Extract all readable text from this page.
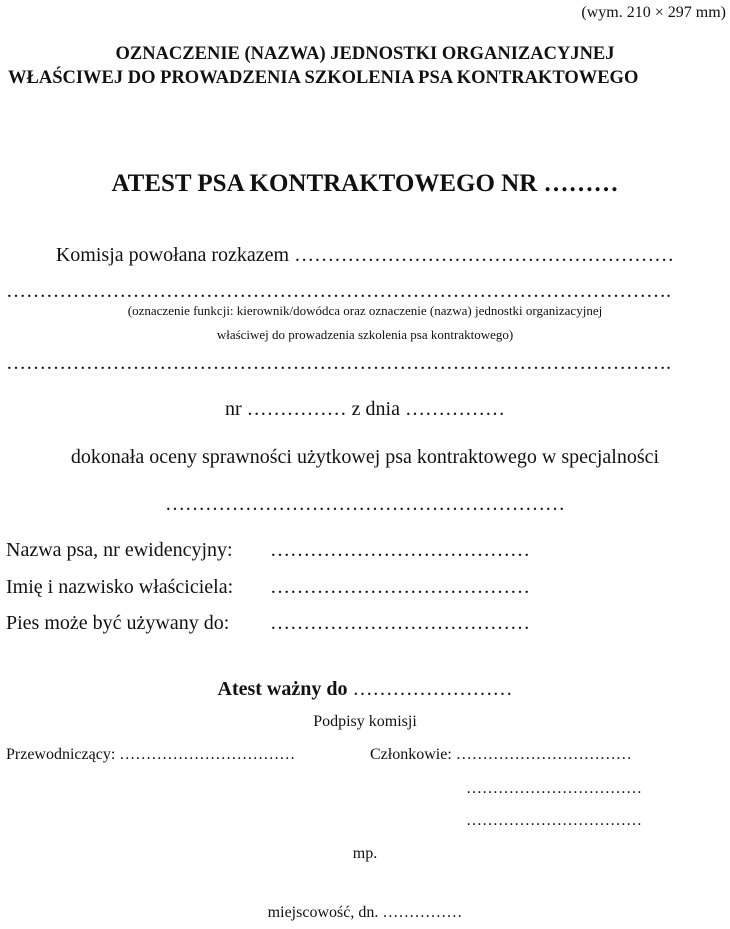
(wym. 210 × 297 mm)
OZNACZENIE (NAZWA) JEDNOSTKI ORGANIZACYJNEJ
WŁAŚCIWEJ DO PROWADZENIA SZKOLENIA PSA KONTRAKTOWEGO
ATEST PSA KONTRAKTOWEGO NR ………
Komisja powołana rozkazem …………………………………………………
……………………………………………………………………………………….
(oznaczenie funkcji: kierownik/dowódca oraz oznaczenie (nazwa) jednostki organizacyjnej
właściwej do prowadzenia szkolenia psa kontraktowego)
……………………………………………………………………………………….
nr …………… z dnia ……………
dokonała oceny sprawności użytkowej psa kontraktowego w specjalności
……………………………………………………
Nazwa psa, nr ewidencyjny: …………………………………
Imię i nazwisko właściciela: …………………………………
Pies może być używany do: …………………………………
Atest ważny do ……………………
Podpisy komisji
Przewodniczący: ……………………………	Członkowie: ……………………………
……………………………
……………………………
mp.
miejscowość, dn. ……………
